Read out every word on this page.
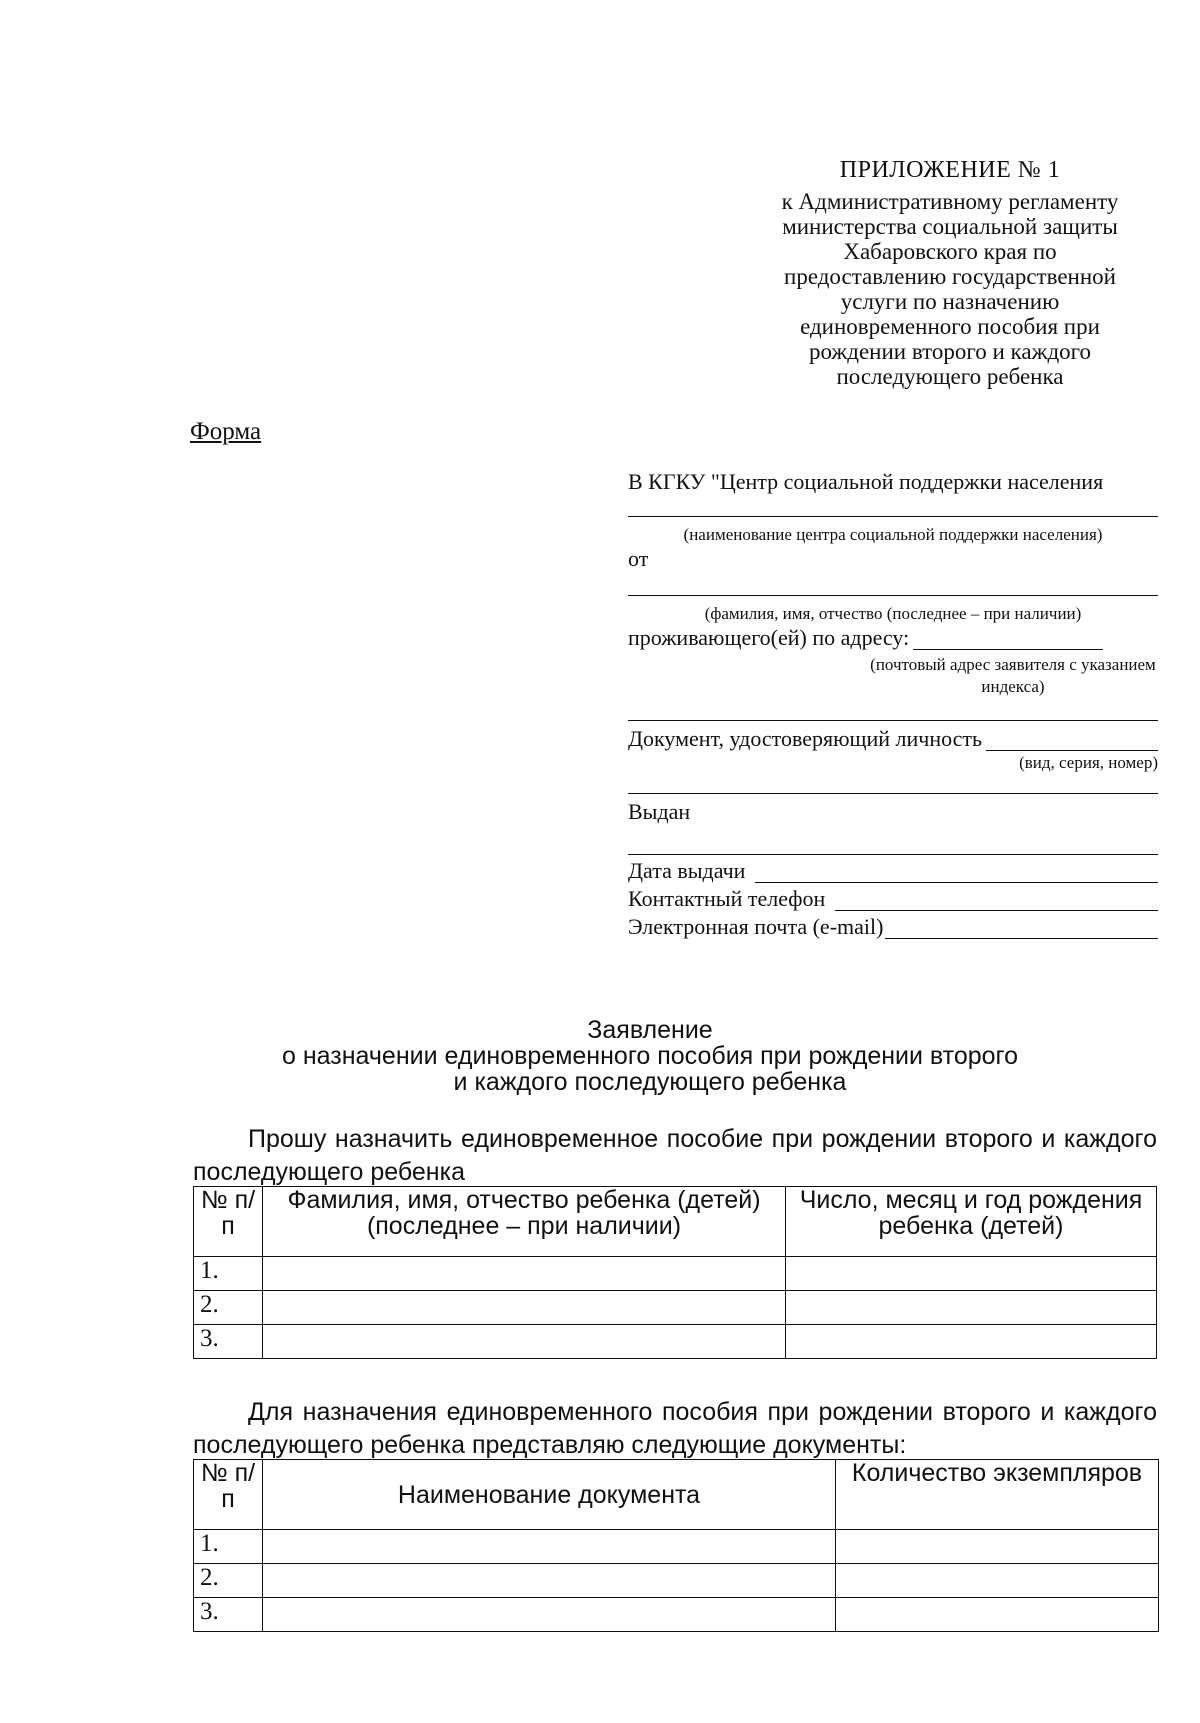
ПРИЛОЖЕНИЕ № 1
к Административному регламенту
министерства социальной защиты
Хабаровского края по
предоставлению государственной
услуги по назначению
единовременного пособия при
рождении второго и каждого
последующего ребенка
Форма
В КГКУ "Центр социальной поддержки населения
(наименование центра социальной поддержки населения)
от
(фамилия, имя, отчество (последнее – при наличии)
проживающего(ей) по адресу:
(почтовый адрес заявителя с указанием индекса)
Документ, удостоверяющий личность
(вид, серия, номер)
Выдан
Дата выдачи
Контактный телефон
Электронная почта (e-mail)
Заявление
о назначении единовременного пособия при рождении второго
и каждого последующего ребенка
Прошу назначить единовременное пособие при рождении второго и каждого последующего ребенка
№ п/п	Фамилия, имя, отчество ребенка (детей) (последнее – при наличии)	Число, месяц и год рождения ребенка (детей)
1.		
2.		
3.		
Для назначения единовременного пособия при рождении второго и каждого последующего ребенка представляю следующие документы:
№ п/п	Наименование документа	Количество экземпляров
1.		
2.		
3.		
